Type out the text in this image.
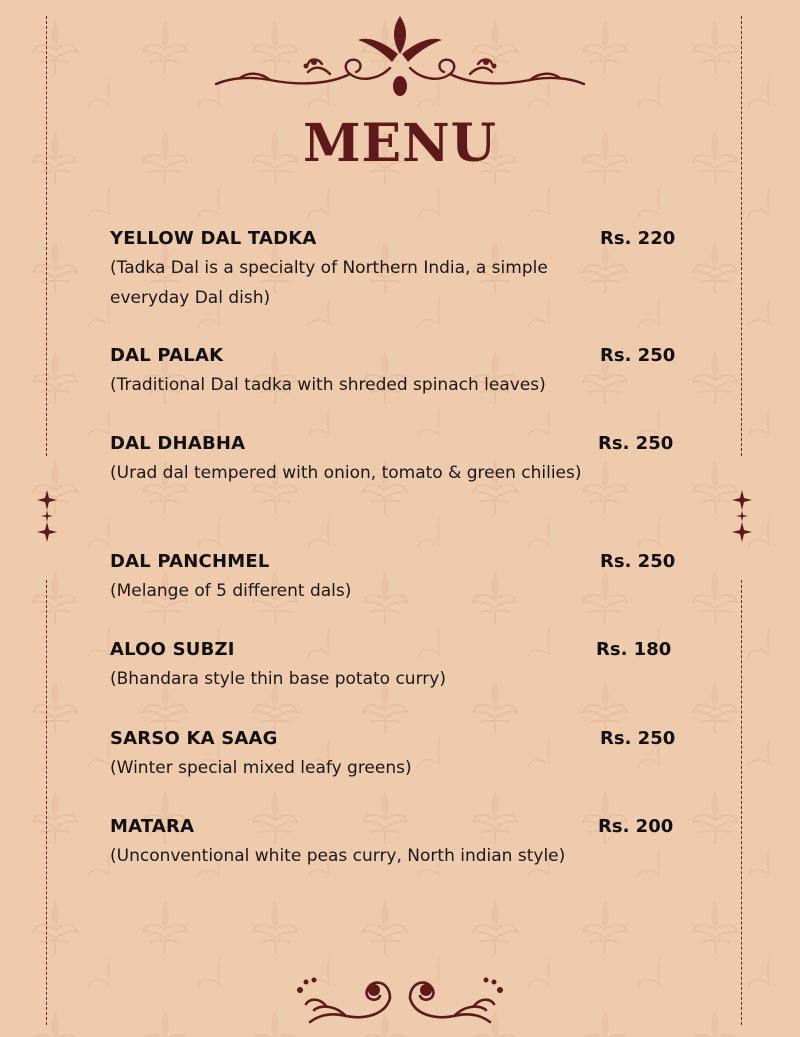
MENU
YELLOW DAL TADKA	Rs. 220
(Tadka Dal is a specialty of Northern India, a simple everyday Dal dish)
DAL PALAK	Rs. 250
(Traditional Dal tadka with shreded spinach leaves)
DAL DHABHA	Rs. 250
(Urad dal tempered with onion, tomato & green chilies)
DAL PANCHMEL	Rs. 250
(Melange of 5 different dals)
ALOO SUBZI	Rs. 180
(Bhandara style thin base potato curry)
SARSO KA SAAG	Rs. 250
(Winter special mixed leafy greens)
MATARA	Rs. 200
(Unconventional white peas curry, North indian style)
